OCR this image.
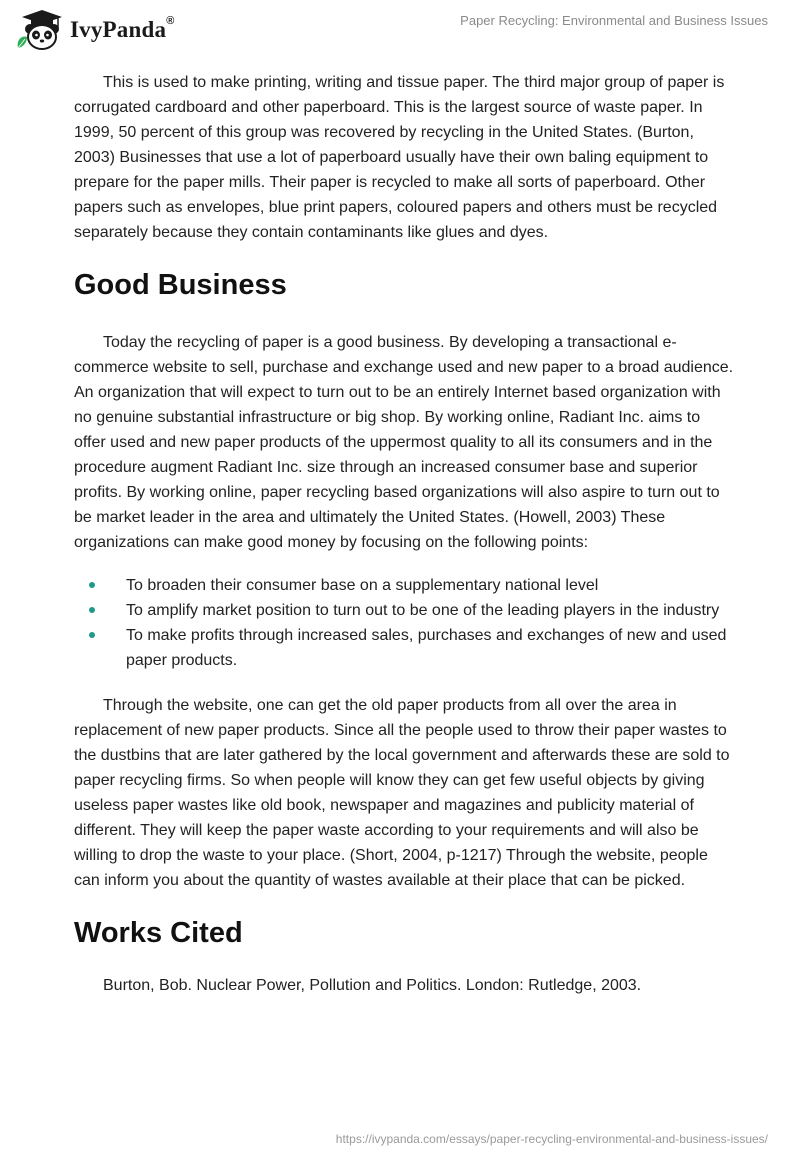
IvyPanda®	Paper Recycling: Environmental and Business Issues

This is used to make printing, writing and tissue paper. The third major group of paper is corrugated cardboard and other paperboard. This is the largest source of waste paper. In 1999, 50 percent of this group was recovered by recycling in the United States. (Burton, 2003) Businesses that use a lot of paperboard usually have their own baling equipment to prepare for the paper mills. Their paper is recycled to make all sorts of paperboard. Other papers such as envelopes, blue print papers, coloured papers and others must be recycled separately because they contain contaminants like glues and dyes.

Good Business

Today the recycling of paper is a good business. By developing a transactional e-commerce website to sell, purchase and exchange used and new paper to a broad audience. An organization that will expect to turn out to be an entirely Internet based organization with no genuine substantial infrastructure or big shop. By working online, Radiant Inc. aims to offer used and new paper products of the uppermost quality to all its consumers and in the procedure augment Radiant Inc. size through an increased consumer base and superior profits. By working online, paper recycling based organizations will also aspire to turn out to be market leader in the area and ultimately the United States. (Howell, 2003) These organizations can make good money by focusing on the following points:

To broaden their consumer base on a supplementary national level
To amplify market position to turn out to be one of the leading players in the industry
To make profits through increased sales, purchases and exchanges of new and used paper products.

Through the website, one can get the old paper products from all over the area in replacement of new paper products. Since all the people used to throw their paper wastes to the dustbins that are later gathered by the local government and afterwards these are sold to paper recycling firms. So when people will know they can get few useful objects by giving useless paper wastes like old book, newspaper and magazines and publicity material of different. They will keep the paper waste according to your requirements and will also be willing to drop the waste to your place. (Short, 2004, p-1217) Through the website, people can inform you about the quantity of wastes available at their place that can be picked.

Works Cited

Burton, Bob. Nuclear Power, Pollution and Politics. London: Rutledge, 2003.

https://ivypanda.com/essays/paper-recycling-environmental-and-business-issues/
